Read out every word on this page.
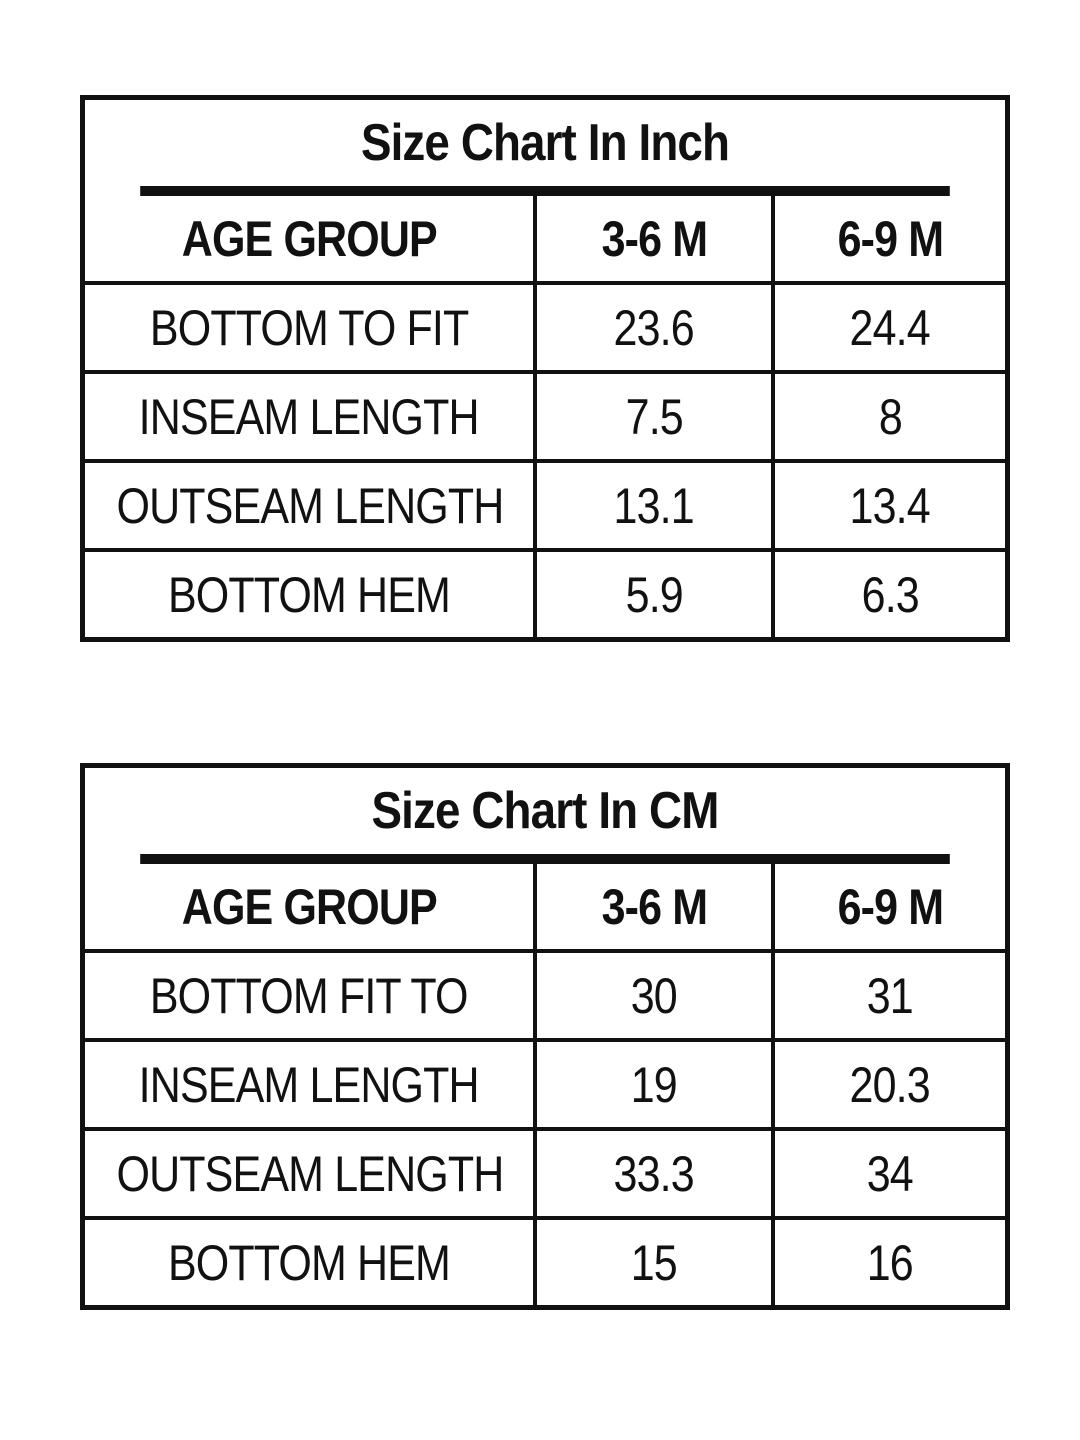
Size Chart In Inch
AGE GROUP	3-6 M	6-9 M
BOTTOM TO FIT	23.6	24.4
INSEAM LENGTH	7.5	8
OUTSEAM LENGTH	13.1	13.4
BOTTOM HEM	5.9	6.3
Size Chart In CM
AGE GROUP	3-6 M	6-9 M
BOTTOM FIT TO	30	31
INSEAM LENGTH	19	20.3
OUTSEAM LENGTH	33.3	34
BOTTOM HEM	15	16
